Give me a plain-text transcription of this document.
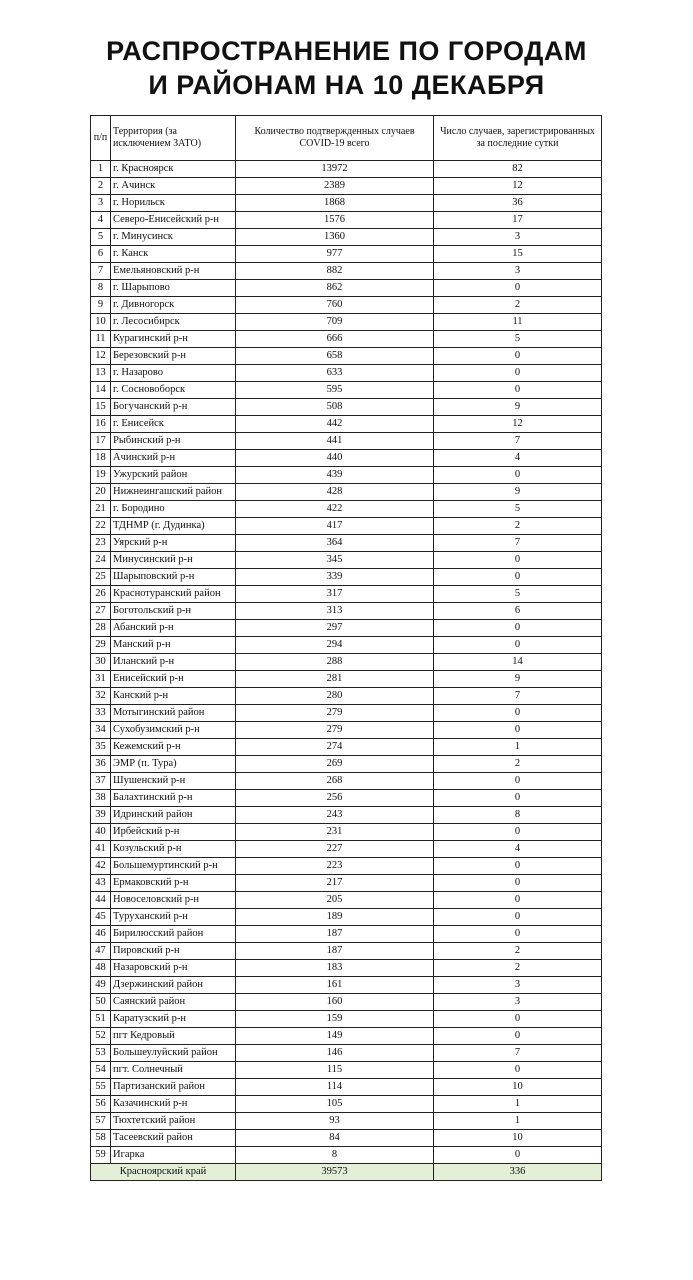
РАСПРОСТРАНЕНИЕ ПО ГОРОДАМ
И РАЙОНАМ НА 10 ДЕКАБРЯ
п/п	Территория (за исключением ЗАТО)	Количество подтвержденных случаев COVID-19 всего	Число случаев, зарегистрированных за последние сутки
1	г. Красноярск	13972	82
2	г. Ачинск	2389	12
3	г. Норильск	1868	36
4	Северо-Енисейский р-н	1576	17
5	г. Минусинск	1360	3
6	г. Канск	977	15
7	Емельяновский р-н	882	3
8	г. Шарыпово	862	0
9	г. Дивногорск	760	2
10	г. Лесосибирск	709	11
11	Курагинский р-н	666	5
12	Березовский р-н	658	0
13	г. Назарово	633	0
14	г. Сосновоборск	595	0
15	Богучанский р-н	508	9
16	г. Енисейск	442	12
17	Рыбинский р-н	441	7
18	Ачинский р-н	440	4
19	Ужурский район	439	0
20	Нижнеингашский район	428	9
21	г. Бородино	422	5
22	ТДНМР (г. Дудинка)	417	2
23	Уярский р-н	364	7
24	Минусинский р-н	345	0
25	Шарыповский р-н	339	0
26	Краснотуранский район	317	5
27	Боготольский р-н	313	6
28	Абанский р-н	297	0
29	Манский р-н	294	0
30	Иланский р-н	288	14
31	Енисейский р-н	281	9
32	Канский р-н	280	7
33	Мотыгинский район	279	0
34	Сухобузимский р-н	279	0
35	Кежемский р-н	274	1
36	ЭМР (п. Тура)	269	2
37	Шушенский р-н	268	0
38	Балахтинский р-н	256	0
39	Идринский район	243	8
40	Ирбейский р-н	231	0
41	Козульский р-н	227	4
42	Большемуртинский р-н	223	0
43	Ермаковский р-н	217	0
44	Новоселовский р-н	205	0
45	Туруханский р-н	189	0
46	Бирилюсский район	187	0
47	Пировский р-н	187	2
48	Назаровский р-н	183	2
49	Дзержинский район	161	3
50	Саянский район	160	3
51	Каратузский р-н	159	0
52	пгт Кедровый	149	0
53	Большеулуйский район	146	7
54	пгт. Солнечный	115	0
55	Партизанский район	114	10
56	Казачинский р-н	105	1
57	Тюхтетский район	93	1
58	Тасеевский район	84	10
59	Игарка	8	0
Красноярский край		39573	336
